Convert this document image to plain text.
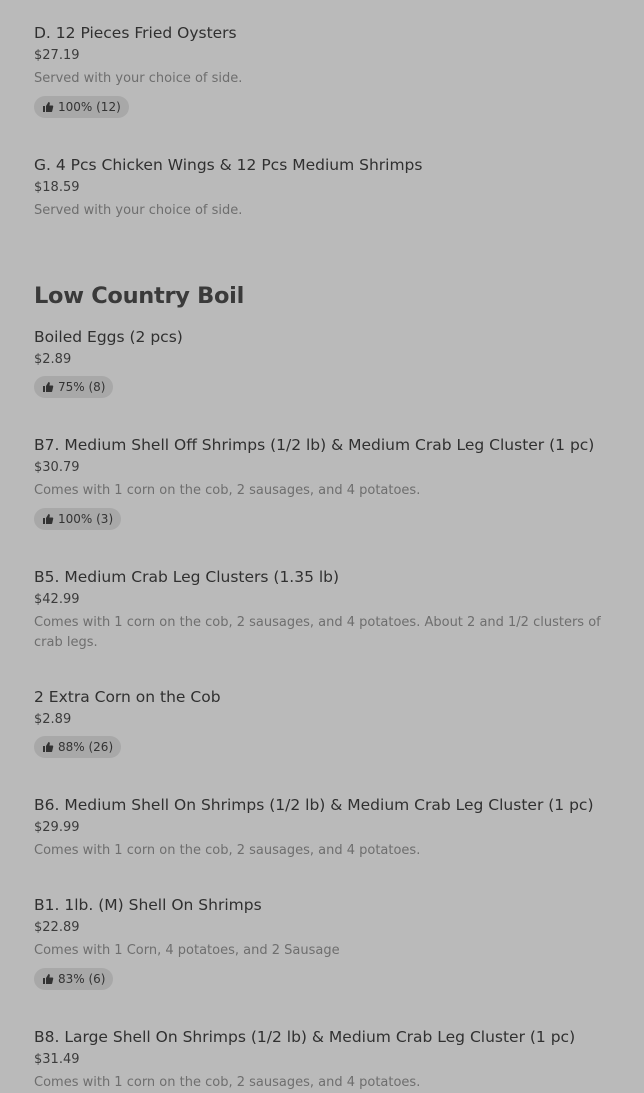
D. 12 Pieces Fried Oysters
$27.19
Served with your choice of side.
100% (12)
G. 4 Pcs Chicken Wings & 12 Pcs Medium Shrimps
$18.59
Served with your choice of side.
Low Country Boil
Boiled Eggs (2 pcs)
$2.89
75% (8)
B7. Medium Shell Off Shrimps (1/2 lb) & Medium Crab Leg Cluster (1 pc)
$30.79
Comes with 1 corn on the cob, 2 sausages, and 4 potatoes.
100% (3)
B5. Medium Crab Leg Clusters (1.35 lb)
$42.99
Comes with 1 corn on the cob, 2 sausages, and 4 potatoes. About 2 and 1/2 clusters of crab legs.
2 Extra Corn on the Cob
$2.89
88% (26)
B6. Medium Shell On Shrimps (1/2 lb) & Medium Crab Leg Cluster (1 pc)
$29.99
Comes with 1 corn on the cob, 2 sausages, and 4 potatoes.
B1. 1lb. (M) Shell On Shrimps
$22.89
Comes with 1 Corn, 4 potatoes, and 2 Sausage
83% (6)
B8. Large Shell On Shrimps (1/2 lb) & Medium Crab Leg Cluster (1 pc)
$31.49
Comes with 1 corn on the cob, 2 sausages, and 4 potatoes.
